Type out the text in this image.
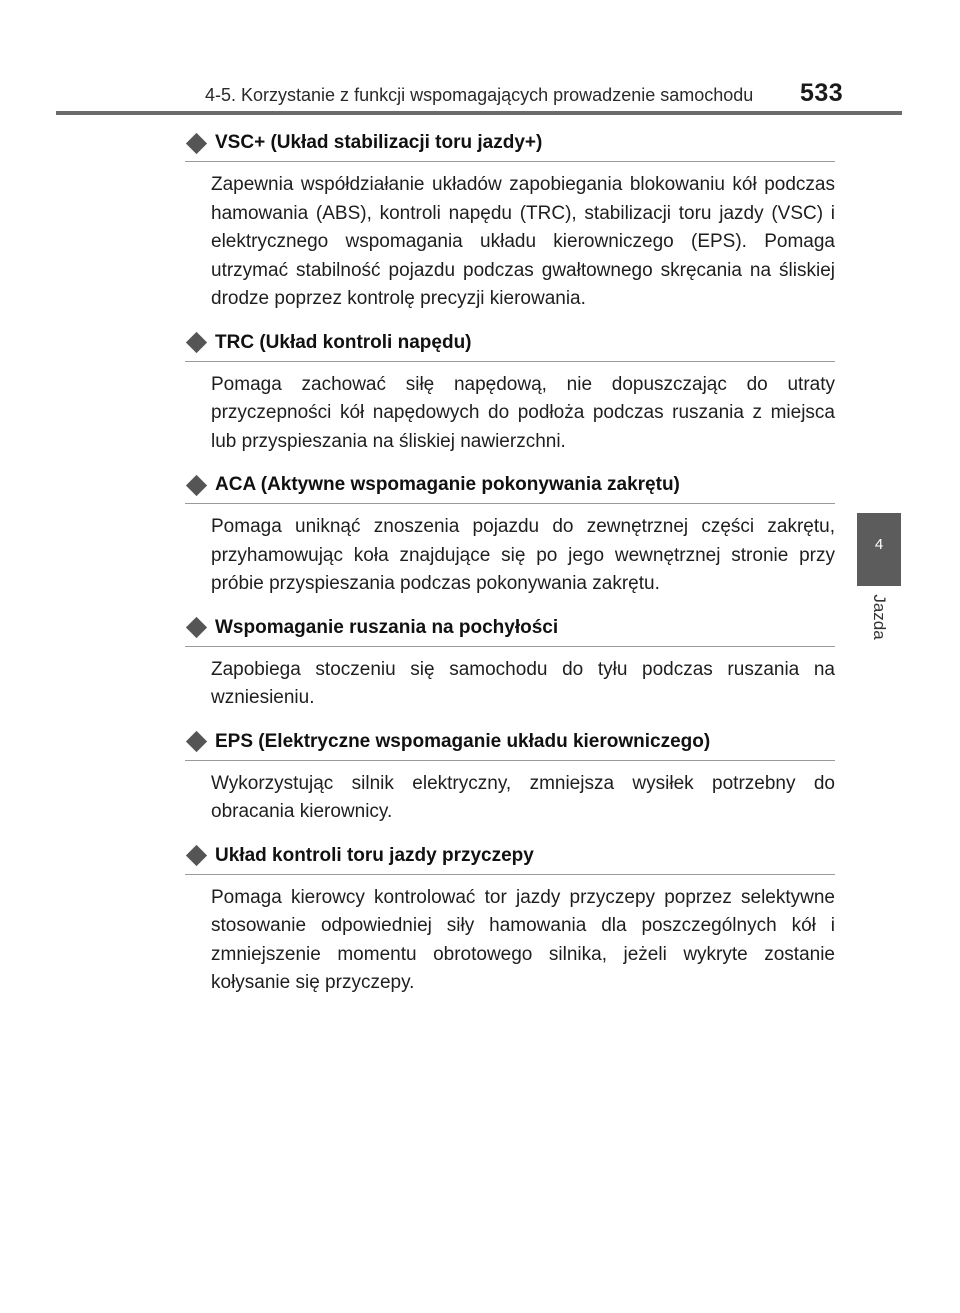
4-5. Korzystanie z funkcji wspomagających prowadzenie samochodu 533
4
Jazda
VSC+ (Układ stabilizacji toru jazdy+)
Zapewnia współdziałanie układów zapobiegania blokowaniu kół podczas hamowania (ABS), kontroli napędu (TRC), stabilizacji toru jazdy (VSC) i elektrycznego wspomagania układu kierowniczego (EPS). Pomaga utrzymać stabilność pojazdu podczas gwałtownego skręcania na śliskiej drodze poprzez kontrolę precyzji kierowania.
TRC (Układ kontroli napędu)
Pomaga zachować siłę napędową, nie dopuszczając do utraty przyczepności kół napędowych do podłoża podczas ruszania z miejsca lub przyspieszania na śliskiej nawierzchni.
ACA (Aktywne wspomaganie pokonywania zakrętu)
Pomaga uniknąć znoszenia pojazdu do zewnętrznej części zakrętu, przyhamowując koła znajdujące się po jego wewnętrznej stronie przy próbie przyspieszania podczas pokonywania zakrętu.
Wspomaganie ruszania na pochyłości
Zapobiega stoczeniu się samochodu do tyłu podczas ruszania na wzniesieniu.
EPS (Elektryczne wspomaganie układu kierowniczego)
Wykorzystując silnik elektryczny, zmniejsza wysiłek potrzebny do obracania kierownicy.
Układ kontroli toru jazdy przyczepy
Pomaga kierowcy kontrolować tor jazdy przyczepy poprzez selektywne stosowanie odpowiedniej siły hamowania dla poszczególnych kół i zmniejszenie momentu obrotowego silnika, jeżeli wykryte zostanie kołysanie się przyczepy.
